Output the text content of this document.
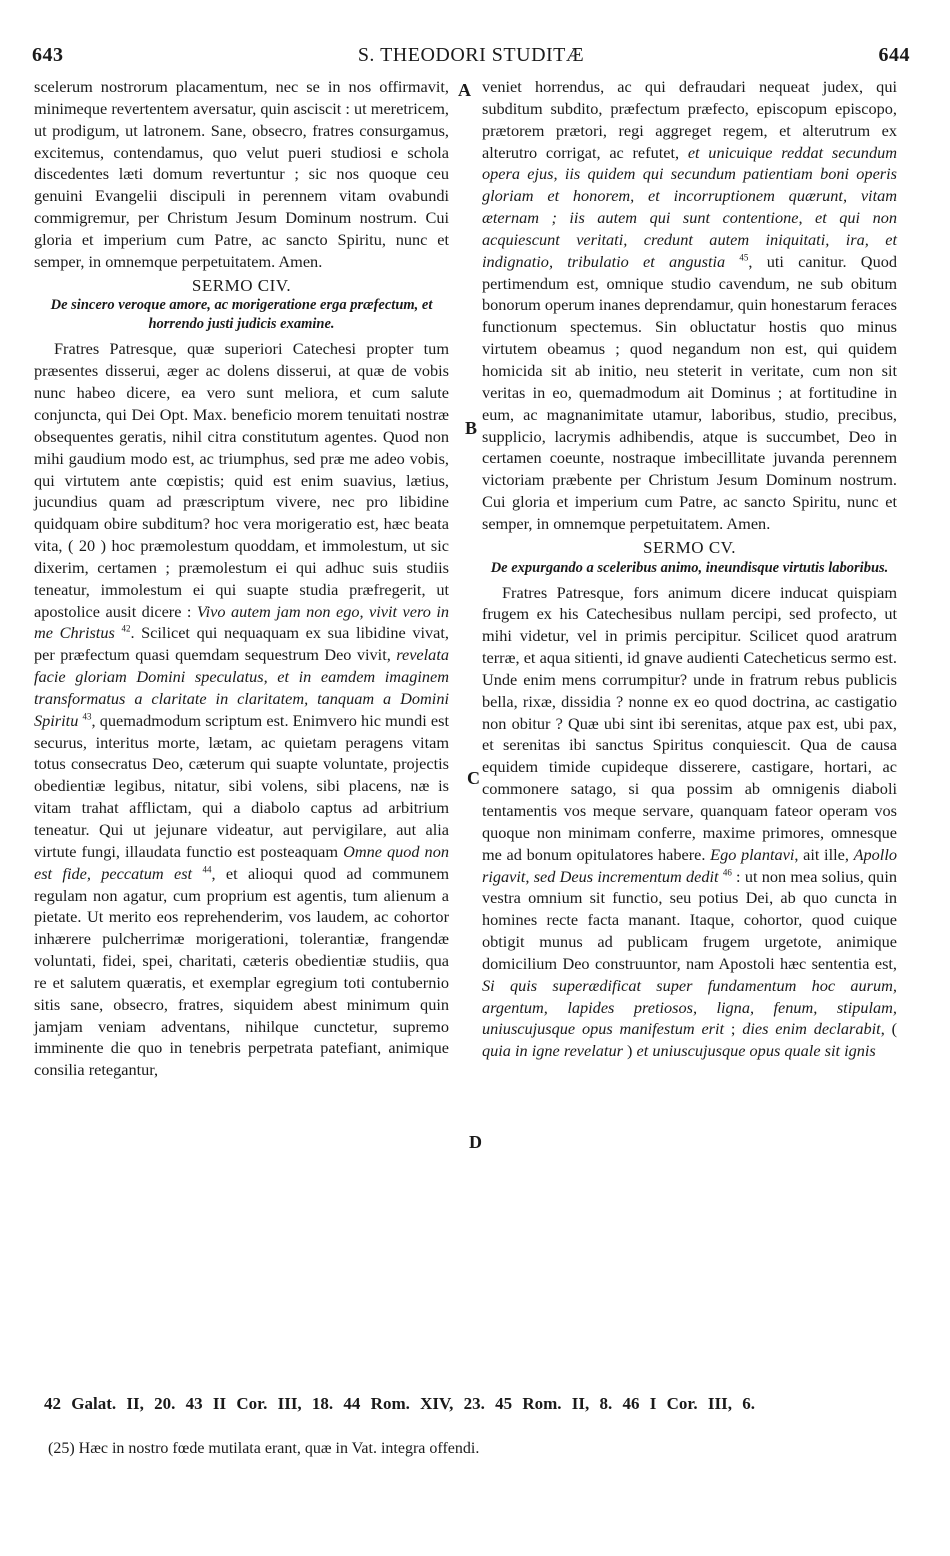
643	S. THEODORI STUDITÆ	644

scelerum nostrorum placamentum, nec se in nos offirmavit, minimeque revertentem aversatur, quin asciscit : ut meretricem, ut prodigum, ut latronem. Sane, obsecro, fratres consurgamus, excitemus, contendamus, quo velut pueri studiosi e schola discedentes læti domum revertuntur ; sic nos quoque ceu genuini Evangelii discipuli in perennem vitam ovabundi commigremur, per Christum Jesum Dominum nostrum. Cui gloria et imperium cum Patre, ac sancto Spiritu, nunc et semper, in omnemque perpetuitatem. Amen.

SERMO CIV.

De sincero veroque amore, ac morigeratione erga præfectum, et horrendo justi judicis examine.

Fratres Patresque, quæ superiori Catechesi propter tum præsentes disserui, æger ac dolens disserui, at quæ de vobis nunc habeo dicere, ea vero sunt meliora, et cum salute conjuncta, qui Dei Opt. Max. beneficio morem tenuitati nostræ obsequentes geratis, nihil citra constitutum agentes. Quod non mihi gaudium modo est, ac triumphus, sed præ me adeo vobis, qui virtutem ante cœpistis; quid est enim suavius, lætius, jucundius quam ad præscriptum vivere, nec pro libidine quidquam obire subditum? hoc vera morigeratio est, hæc beata vita, ( 20 ) hoc præmolestum quoddam, et immolestum, ut sic dixerim, certamen ; præmolestum ei qui adhuc suis studiis teneatur, immolestum ei qui suapte studia præfregerit, ut apostolice ausit dicere : Vivo autem jam non ego, vivit vero in me Christus $^{42}$. Scilicet qui nequaquam ex sua libidine vivat, per præfectum quasi quemdam sequestrum Deo vivit, revelata facie gloriam Domini speculatus, et in eamdem imaginem transformatus a claritate in claritatem, tanquam a Domini Spiritu $^{43}$, quemadmodum scriptum est. Enimvero hic mundi est securus, interitus morte, lætam, ac quietam peragens vitam totus consecratus Deo, cæterum qui suapte voluntate, projectis obedientiæ legibus, nitatur, sibi volens, sibi placens, næ is vitam trahat afflictam, qui a diabolo captus ad arbitrium teneatur. Qui ut jejunare videatur, aut pervigilare, aut alia virtute fungi, illaudata functio est posteaquam Omne quod non est fide, peccatum est $^{44}$, et alioqui quod ad communem regulam non agatur, cum proprium est agentis, tum alienum a pietate. Ut merito eos reprehenderim, vos laudem, ac cohortor inhærere pulcherrimæ morigerationi, tolerantiæ, frangendæ voluntati, fidei, spei, charitati, cæteris obedientiæ studiis, qua re et salutem quæratis, et exemplar egregium toti contubernio sitis sane, obsecro, fratres, siquidem abest minimum quin jamjam veniam adventans, nihilque cunctetur, supremo imminente die quo in tenebris perpetrata patefiant, animique consilia retegantur,

A
B
C
D

veniet horrendus, ac qui defraudari nequeat judex, qui subditum subdito, præfectum præfecto, episcopum episcopo, prætorem prætori, regi aggreget regem, et alterutrum ex alterutro corrigat, ac refutet, et unicuique reddat secundum opera ejus, iis quidem qui secundum patientiam boni operis gloriam et honorem, et incorruptionem quærunt, vitam æternam ; iis autem qui sunt contentione, et qui non acquiescunt veritati, credunt autem iniquitati, ira, et indignatio, tribulatio et angustia $^{45}$, uti canitur. Quod pertimendum est, omnique studio cavendum, ne sub obitum bonorum operum inanes deprendamur, quin honestarum feraces functionum spectemus. Sin obluctatur hostis quo minus virtutem obeamus ; quod negandum non est, qui quidem homicida sit ab initio, neu steterit in veritate, cum non sit veritas in eo, quemadmodum ait Dominus ; at fortitudine in eum, ac magnanimitate utamur, laboribus, studio, precibus, supplicio, lacrymis adhibendis, atque is succumbet, Deo in certamen coeunte, nostraque imbecillitate juvanda perennem victoriam præbente per Christum Jesum Dominum nostrum. Cui gloria et imperium cum Patre, ac sancto Spiritu, nunc et semper, in omnemque perpetuitatem. Amen.

SERMO CV.

De expurgando a sceleribus animo, ineundisque virtutis laboribus.

Fratres Patresque, fors animum dicere inducat quispiam frugem ex his Catechesibus nullam percipi, sed profecto, ut mihi videtur, vel in primis percipitur. Scilicet quod aratrum terræ, et aqua sitienti, id gnave audienti Catecheticus sermo est. Unde enim mens corrumpitur? unde in fratrum rebus publicis bella, rixæ, dissidia ? nonne ex eo quod doctrina, ac castigatio non obitur ? Quæ ubi sint ibi serenitas, atque pax est, ubi pax, et serenitas ibi sanctus Spiritus conquiescit. Qua de causa equidem timide cupideque disserere, castigare, hortari, ac commonere satago, si qua possim ab omnigenis diaboli tentamentis vos meque servare, quanquam fateor operam vos quoque non minimam conferre, maxime primores, omnesque me ad bonum opitulatores habere. Ego plantavi, ait ille, Apollo rigavit, sed Deus incrementum dedit $^{46}$ : ut non mea solius, quin vestra omnium sit functio, seu potius Dei, ab quo cuncta in homines recte facta manant. Itaque, cohortor, quod cuique obtigit munus ad publicam frugem urgetote, animique domicilium Deo construuntor, nam Apostoli hæc sententia est, Si quis superædificat super fundamentum hoc aurum, argentum, lapides pretiosos, ligna, fenum, stipulam, uniuscujusque opus manifestum erit ; dies enim declarabit, ( quia in igne revelatur ) et uniuscujusque opus quale sit ignis

42 Galat. II, 20. 43 II Cor. III, 18. 44 Rom. XIV, 23. 45 Rom. II, 8. 46 I Cor. III, 6.
(25) Hæc in nostro fœde mutilata erant, quæ in Vat. integra offendi.
